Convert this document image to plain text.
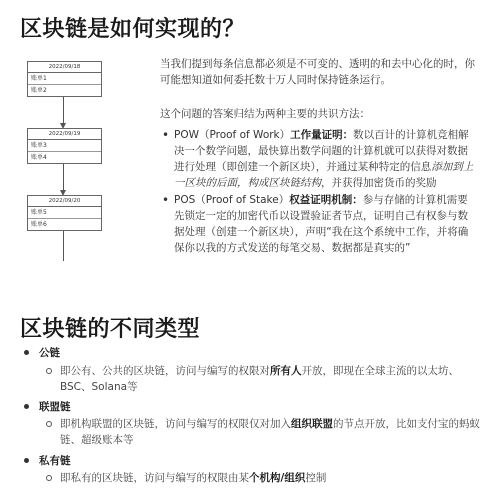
区块链是如何实现的？
2022/09/18
账单1
账单2
2022/09/19
账单3
账单4
2022/09/20
账单5
账单6
当我们提到每条信息都必须是不可变的、透明的和去中心化的时，你可能想知道如何委托数十万人同时保持链条运行。
这个问题的答案归结为两种主要的共识方法：
• POW（Proof of Work）工作量证明：数以百计的计算机竞相解决一个数学问题，最快算出数学问题的计算机就可以获得对数据进行处理（即创建一个新区块），并通过某种特定的信息添加到上一区块的后面，构成区块链结构，并获得加密货币的奖励
• POS（Proof of Stake）权益证明机制：参与存储的计算机需要先锁定一定的加密代币以设置验证者节点，证明自己有权参与数据处理（创建一个新区块），声明“我在这个系统中工作，并将确保你以我的方式发送的每笔交易、数据都是真实的”
区块链的不同类型
公链
即公有、公共的区块链，访问与编写的权限对所有人开放，即现在全球主流的以太坊、BSC、Solana等
联盟链
即机构联盟的区块链，访问与编写的权限仅对加入组织联盟的节点开放，比如支付宝的蚂蚁链、超级账本等
私有链
即私有的区块链，访问与编写的权限由某个机构/组织控制
